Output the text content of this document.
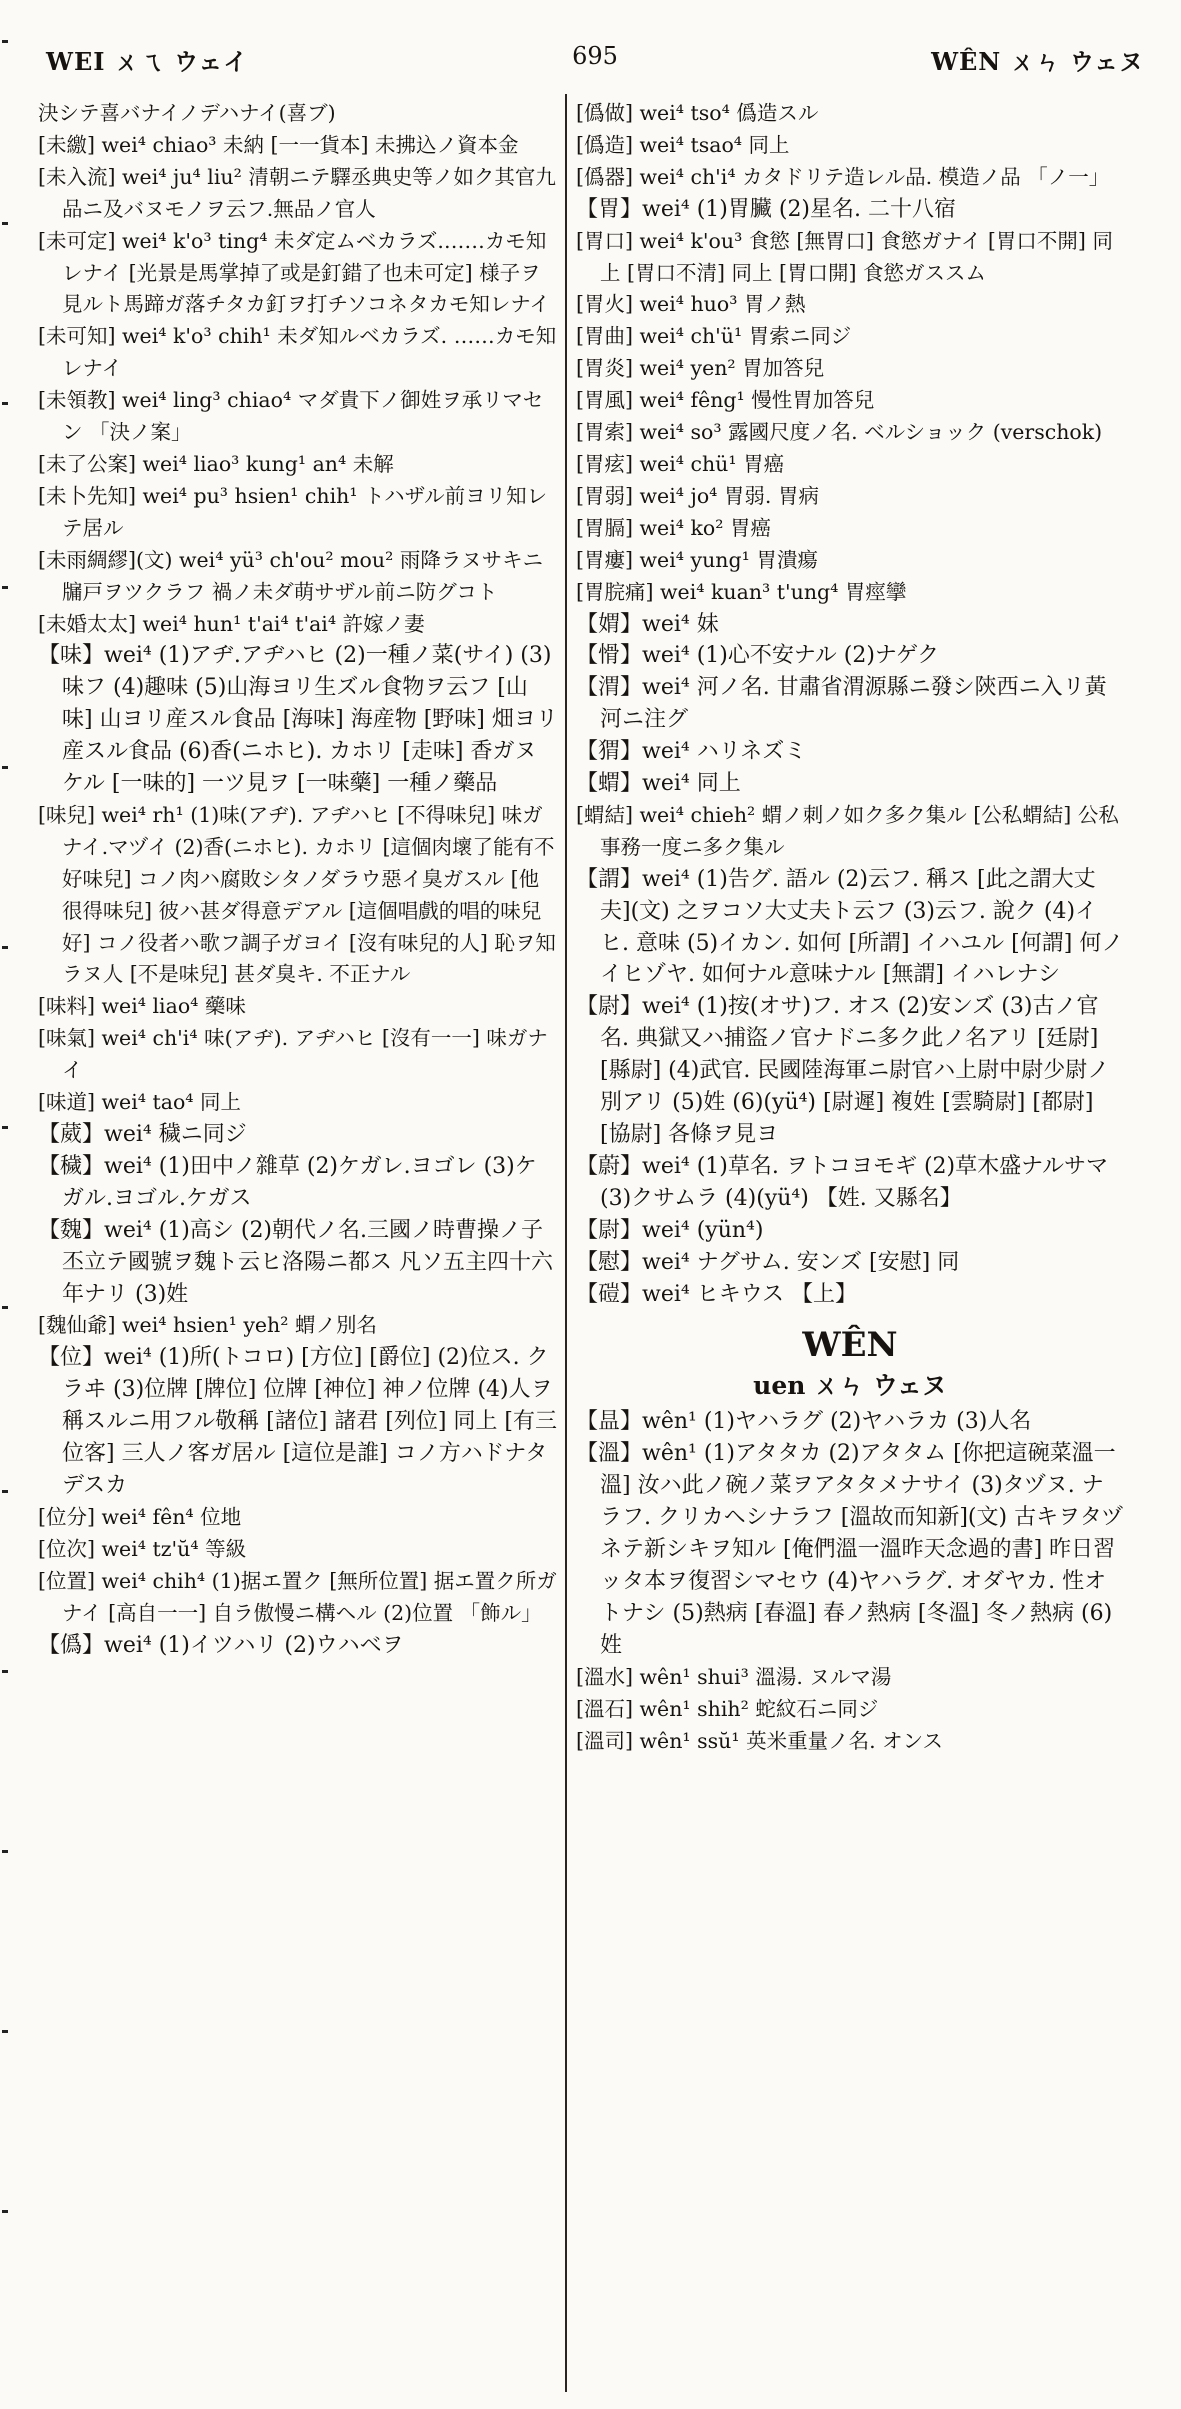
WEI ㄨㄟ ウェイ	695	WÊN ㄨㄣ ウェヌ

決シテ喜バナイノデハナイ(喜ブ)

[未繳] wei⁴ chiao³ 未納 [一一貨本] 未拂込ノ資本金

[未入流] wei⁴ ju⁴ liu² 清朝ニテ驛丞典史等ノ如ク其官九品ニ及バヌモノヲ云フ.無品ノ官人

[未可定] wei⁴ k'o³ ting⁴ 未ダ定ムベカラズ.……カモ知レナイ [光景是馬掌掉了或是釘錯了也未可定] 様子ヲ見ルト馬蹄ガ落チタカ釘ヲ打チソコネタカモ知レナイ

[未可知] wei⁴ k'o³ chih¹ 未ダ知ルベカラズ. ……カモ知レナイ

[未領教] wei⁴ ling³ chiao⁴ マダ貴下ノ御姓ヲ承リマセン 「決ノ案」

[未了公案] wei⁴ liao³ kung¹ an⁴ 未解

[未卜先知] wei⁴ pu³ hsien¹ chih¹ トハザル前ヨリ知レテ居ル

[未雨綢繆](文) wei⁴ yü³ ch'ou² mou² 雨降ラヌサキニ牖戸ヲツクラフ 禍ノ未ダ萌サザル前ニ防グコト

[未婚太太] wei⁴ hun¹ t'ai⁴ t'ai⁴ 許嫁ノ妻

【味】wei⁴ (1)アヂ.アヂハヒ (2)一種ノ菜(サイ) (3)味フ (4)趣味 (5)山海ヨリ生ズル食物ヲ云フ [山味] 山ヨリ産スル食品 [海味] 海産物 [野味] 畑ヨリ産スル食品 (6)香(ニホヒ). カホリ [走味] 香ガヌケル [一味的] 一ツ見ヲ [一味藥] 一種ノ藥品

[味兒] wei⁴ rh¹ (1)味(アヂ). アヂハヒ [不得味兒] 味ガナイ.マヅイ (2)香(ニホヒ). カホリ [這個肉壞了能有不好味兒] コノ肉ハ腐敗シタノダラウ惡イ臭ガスル [他很得味兒] 彼ハ甚ダ得意デアル [這個唱戲的唱的味兒好] コノ役者ハ歌フ調子ガヨイ [沒有味兒的人] 恥ヲ知ラヌ人 [不是味兒] 甚ダ臭キ. 不正ナル

[味料] wei⁴ liao⁴ 藥味

[味氣] wei⁴ ch'i⁴ 味(アヂ). アヂハヒ [沒有一一] 味ガナイ

[味道] wei⁴ tao⁴ 同上

【葳】wei⁴ 穢ニ同ジ

【穢】wei⁴ (1)田中ノ雜草 (2)ケガレ.ヨゴレ (3)ケガル.ヨゴル.ケガス

【魏】wei⁴ (1)高シ (2)朝代ノ名.三國ノ時曹操ノ子丕立テ國號ヲ魏ト云ヒ洛陽ニ都ス 凡ソ五主四十六年ナリ (3)姓

[魏仙爺] wei⁴ hsien¹ yeh² 蝟ノ別名

【位】wei⁴ (1)所(トコロ) [方位] [爵位] (2)位ス. クラヰ (3)位牌 [牌位] 位牌 [神位] 神ノ位牌 (4)人ヲ稱スルニ用フル敬稱 [諸位] 諸君 [列位] 同上 [有三位客] 三人ノ客ガ居ル [這位是誰] コノ方ハドナタデスカ

[位分] wei⁴ fên⁴ 位地

[位次] wei⁴ tz'ŭ⁴ 等級

[位置] wei⁴ chih⁴ (1)据エ置ク [無所位置] 据エ置ク所ガナイ [高自一一] 自ラ傲慢ニ構ヘル (2)位置 「飾ル」

【僞】wei⁴ (1)イツハリ (2)ウハベヲ

[僞做] wei⁴ tso⁴ 僞造スル

[僞造] wei⁴ tsao⁴ 同上

[僞器] wei⁴ ch'i⁴ カタドリテ造レル品. 模造ノ品 「ノ一」

【胃】wei⁴ (1)胃臟 (2)星名. 二十八宿

[胃口] wei⁴ k'ou³ 食慾 [無胃口] 食慾ガナイ [胃口不開] 同上 [胃口不清] 同上 [胃口開] 食慾ガススム

[胃火] wei⁴ huo³ 胃ノ熱

[胃曲] wei⁴ ch'ü¹ 胃索ニ同ジ

[胃炎] wei⁴ yen² 胃加答兒

[胃風] wei⁴ fêng¹ 慢性胃加答兒

[胃索] wei⁴ so³ 露國尺度ノ名. ベルショック (verschok)

[胃痃] wei⁴ chü¹ 胃癌

[胃弱] wei⁴ jo⁴ 胃弱. 胃病

[胃膈] wei⁴ ko² 胃癌

[胃瘻] wei⁴ yung¹ 胃潰瘍

[胃脘痛] wei⁴ kuan³ t'ung⁴ 胃痙攣

【媦】wei⁴ 妹

【愲】wei⁴ (1)心不安ナル (2)ナゲク

【渭】wei⁴ 河ノ名. 甘肅省渭源縣ニ發シ陝西ニ入リ黃河ニ注グ

【猬】wei⁴ ハリネズミ

【蝟】wei⁴ 同上

[蝟結] wei⁴ chieh² 蝟ノ刺ノ如ク多ク集ル [公私蝟結] 公私事務一度ニ多ク集ル

【謂】wei⁴ (1)告グ. 語ル (2)云フ. 稱ス [此之謂大丈夫](文) 之ヲコソ大丈夫ト云フ (3)云フ. 說ク (4)イヒ. 意味 (5)イカン. 如何 [所謂] イハユル [何謂] 何ノイヒゾヤ. 如何ナル意味ナル [無謂] イハレナシ

【尉】wei⁴ (1)按(オサ)フ. オス (2)安ンズ (3)古ノ官名. 典獄又ハ捕盜ノ官ナドニ多ク此ノ名アリ [廷尉] [縣尉] (4)武官. 民國陸海軍ニ尉官ハ上尉中尉少尉ノ別アリ (5)姓 (6)(yü⁴) [尉遲] 複姓 [雲騎尉] [都尉] [協尉] 各條ヲ見ヨ

【蔚】wei⁴ (1)草名. ヲトコヨモギ (2)草木盛ナルサマ (3)クサムラ (4)(yü⁴) 【姓. 又縣名】

【尉】wei⁴ (yün⁴)

【慰】wei⁴ ナグサム. 安ンズ [安慰] 同

【磑】wei⁴ ヒキウス 【上】

WÊN
uen ㄨㄣ ウェヌ

【昷】wên¹ (1)ヤハラグ (2)ヤハラカ (3)人名

【溫】wên¹ (1)アタタカ (2)アタタム [你把這碗菜溫一溫] 汝ハ此ノ碗ノ菜ヲアタタメナサイ (3)タヅヌ. ナラフ. クリカヘシナラフ [溫故而知新](文) 古キヲタヅネテ新シキヲ知ル [俺們溫一溫昨天念過的書] 昨日習ッタ本ヲ復習シマセウ (4)ヤハラグ. オダヤカ. 性オトナシ (5)熱病 [春溫] 春ノ熱病 [冬溫] 冬ノ熱病 (6)姓

[溫水] wên¹ shui³ 溫湯. ヌルマ湯

[溫石] wên¹ shih² 蛇紋石ニ同ジ

[溫司] wên¹ ssŭ¹ 英米重量ノ名. オンス
